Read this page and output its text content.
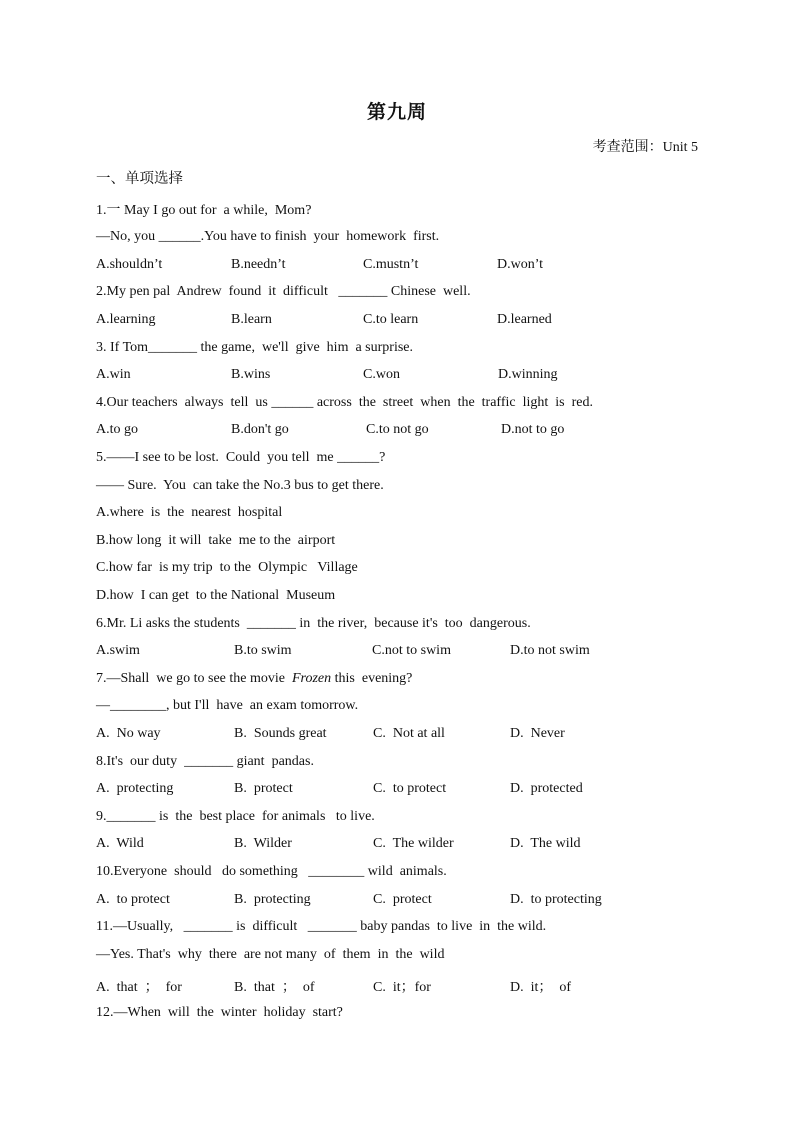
第九周
考查范围：Unit 5
一、单项选择
1.一 May I go out for  a while,  Mom?
—No, you ______.You have to finish  your  homework  first.
A.shouldn’t	B.needn’t	C.mustn’t	D.won’t
2.My pen pal  Andrew  found  it  difficult   _______ Chinese  well.
A.learning	B.learn	C.to learn	D.learned
3. If Tom_______ the game,  we'll  give  him  a surprise.
A.win	B.wins	C.won	D.winning
4.Our teachers  always  tell  us ______ across  the  street  when  the  traffic  light  is  red.
A.to go	B.don't go	C.to not go	D.not to go
5.——I see to be lost.  Could  you tell  me ______?
—— Sure.  You  can take the No.3 bus to get there.
A.where  is  the  nearest  hospital
B.how long  it will  take  me to the  airport
C.how far  is my trip  to the  Olympic   Village
D.how  I can get  to the National  Museum
6.Mr. Li asks the students  _______ in  the river,  because it's  too  dangerous.
A.swim	B.to swim	C.not to swim	D.to not swim
7.—Shall  we go to see the movie  Frozen this  evening?
—________, but I'll  have  an exam tomorrow.
A.  No way	B.  Sounds great	C.  Not at all	D.  Never
8.It's  our duty  _______ giant  pandas.
A.  protecting	B.  protect	C.  to protect	D.  protected
9._______ is  the  best place  for animals   to live.
A.  Wild	B.  Wilder	C.  The wilder	D.  The wild
10.Everyone  should   do something   ________ wild  animals.
A.  to protect	B.  protecting	C.  protect	D.  to protecting
11.—Usually,   _______ is  difficult   _______ baby pandas  to live  in  the wild.
—Yes. That's  why  there  are not many  of  them  in  the  wild
A.  that  ；  for	B.  that  ；  of	C.  it；for	D.  it；  of
12.—When  will  the  winter  holiday  start?
